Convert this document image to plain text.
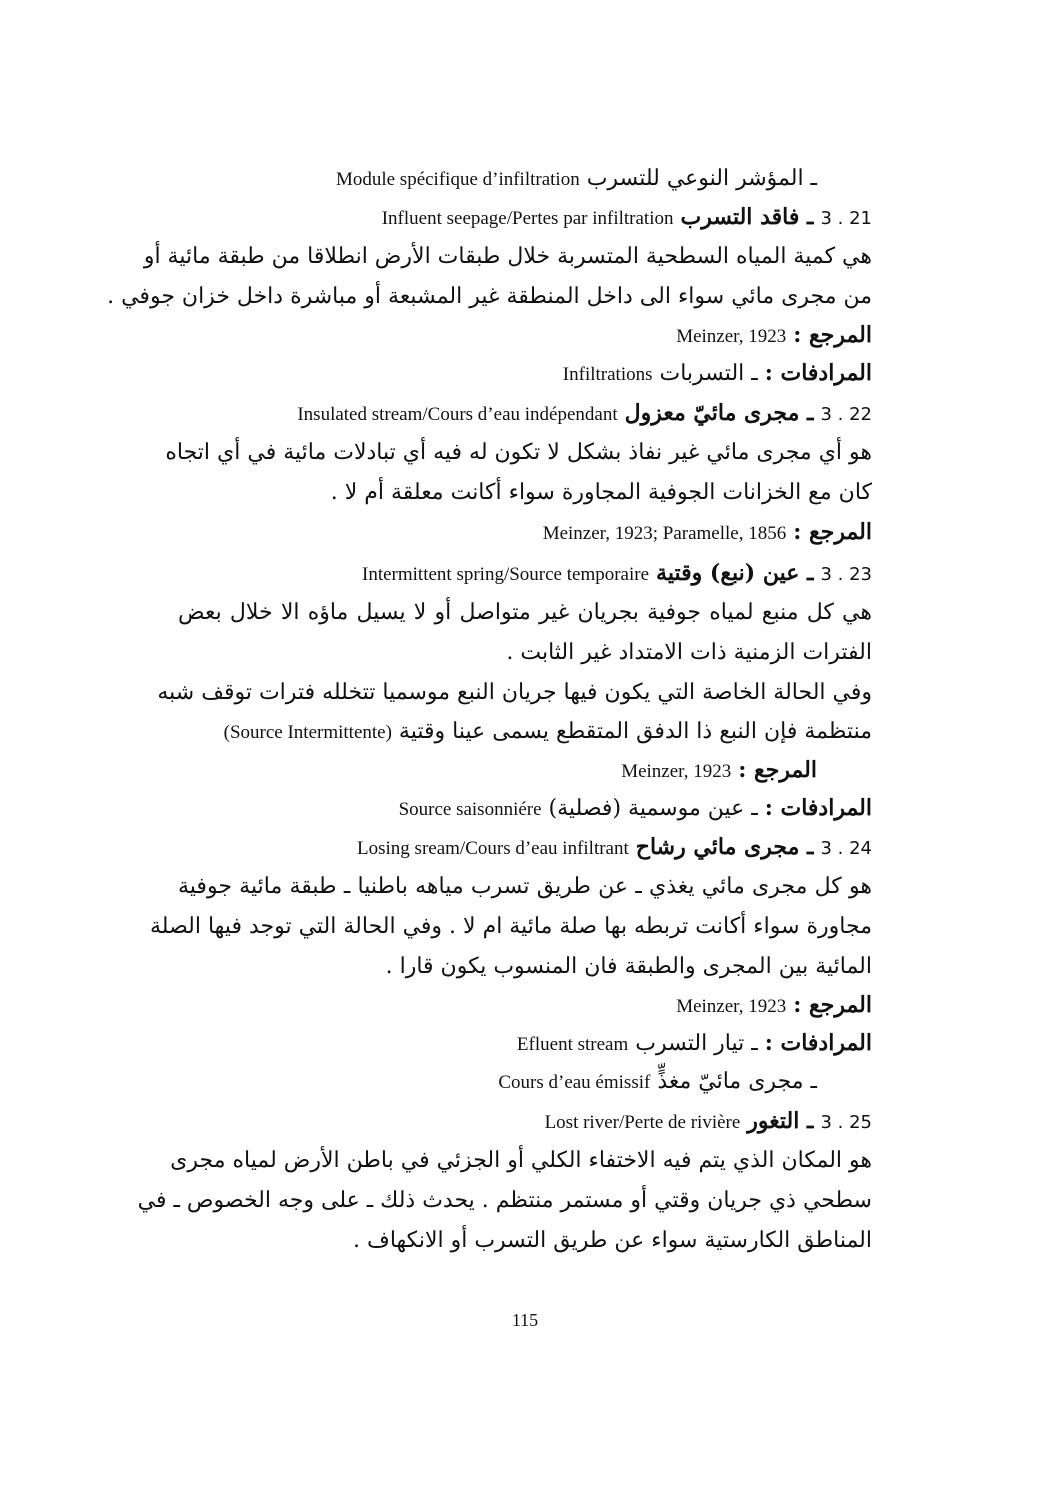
ـ المؤشر النوعي للتسرب Module spécifique d’infiltration
3 . 21 ـ فاقد التسرب Influent seepage/Pertes par infiltration
هي كمية المياه السطحية المتسربة خلال طبقات الأرض انطلاقا من طبقة مائية أو
من مجرى مائي سواء الى داخل المنطقة غير المشبعة أو مباشرة داخل خزان جوفي .
المرجع : Meinzer, 1923
المرادفات : ـ التسربات Infiltrations
3 . 22 ـ مجرى مائيّ معزول Insulated stream/Cours d’eau indépendant
هو أي مجرى مائي غير نفاذ بشكل لا تكون له فيه أي تبادلات مائية في أي اتجاه
كان مع الخزانات الجوفية المجاورة سواء أكانت معلقة أم لا .
المرجع : Meinzer, 1923; Paramelle, 1856
3 . 23 ـ عين (نبع) وقتية Intermittent spring/Source temporaire
هي كل منبع لمياه جوفية بجريان غير متواصل أو لا يسيل ماؤه الا خلال بعض
الفترات الزمنية ذات الامتداد غير الثابت .
وفي الحالة الخاصة التي يكون فيها جريان النبع موسميا تتخلله فترات توقف شبه
منتظمة فإن النبع ذا الدفق المتقطع يسمى عينا وقتية (Source Intermittente)
المرجع : Meinzer, 1923
المرادفات : ـ عين موسمية (فصلية) Source saisonniére
3 . 24 ـ مجرى مائي رشاح Losing sream/Cours d’eau infiltrant
هو كل مجرى مائي يغذي ـ عن طريق تسرب مياهه باطنيا ـ طبقة مائية جوفية
مجاورة سواء أكانت تربطه بها صلة مائية ام لا . وفي الحالة التي توجد فيها الصلة
المائية بين المجرى والطبقة فان المنسوب يكون قارا .
المرجع : Meinzer, 1923
المرادفات : ـ تيار التسرب Efluent stream
ـ مجرى مائيّ مغذٍّ Cours d’eau émissif
3 . 25 ـ التغور Lost river/Perte de rivière
هو المكان الذي يتم فيه الاختفاء الكلي أو الجزئي في باطن الأرض لمياه مجرى
سطحي ذي جريان وقتي أو مستمر منتظم . يحدث ذلك ـ على وجه الخصوص ـ في
المناطق الكارستية سواء عن طريق التسرب أو الانكهاف .
115
